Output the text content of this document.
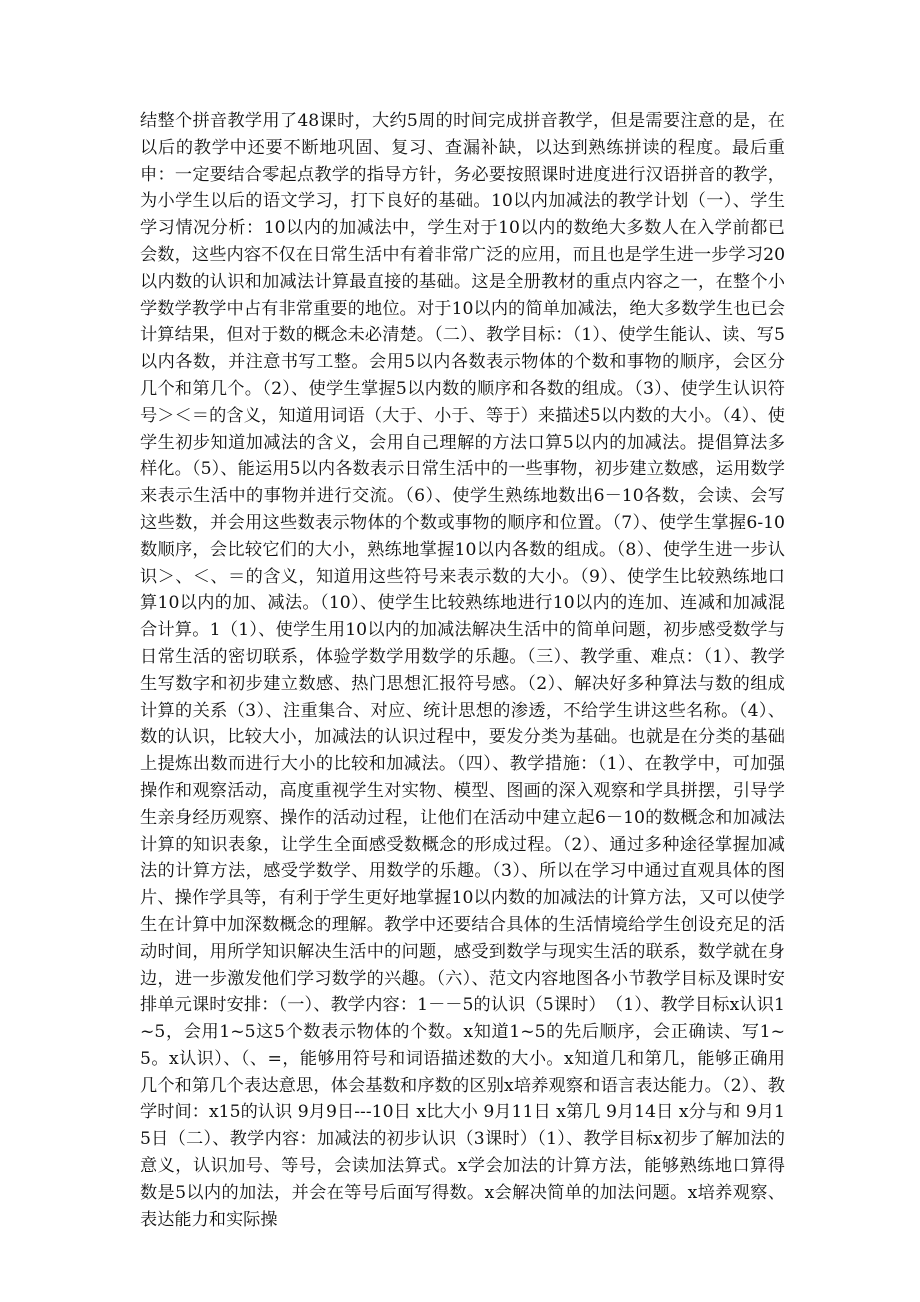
结整个拼音教学用了48课时，大约5周的时间完成拼音教学，但是需要注意的是，在以后的教学中还要不断地巩固、复习、查漏补缺，以达到熟练拼读的程度。最后重申：一定要结合零起点教学的指导方针，务必要按照课时进度进行汉语拼音的教学，为小学生以后的语文学习，打下良好的基础。10以内加减法的教学计划（一）、学生学习情况分析：10以内的加减法中，学生对于10以内的数绝大多数人在入学前都已会数，这些内容不仅在日常生活中有着非常广泛的应用，而且也是学生进一步学习20以内数的认识和加减法计算最直接的基础。这是全册教材的重点内容之一，在整个小学数学教学中占有非常重要的地位。对于10以内的简单加减法，绝大多数学生也已会计算结果，但对于数的概念未必清楚。（二）、教学目标：（1）、使学生能认、读、写5以内各数，并注意书写工整。会用5以内各数表示物体的个数和事物的顺序，会区分几个和第几个。（2）、使学生掌握5以内数的顺序和各数的组成。（3）、使学生认识符号＞＜＝的含义，知道用词语（大于、小于、等于）来描述5以内数的大小。（4）、使学生初步知道加减法的含义，会用自己理解的方法口算5以内的加减法。提倡算法多样化。（5）、能运用5以内各数表示日常生活中的一些事物，初步建立数感，运用数学来表示生活中的事物并进行交流。（6）、使学生熟练地数出6－10各数，会读、会写这些数，并会用这些数表示物体的个数或事物的顺序和位置。（7）、使学生掌握6-10数顺序，会比较它们的大小，熟练地掌握10以内各数的组成。（8）、使学生进一步认识＞、＜、＝的含义，知道用这些符号来表示数的大小。（9）、使学生比较熟练地口算10以内的加、减法。（10）、使学生比较熟练地进行10以内的连加、连减和加减混合计算。1（1）、使学生用10以内的加减法解决生活中的简单问题，初步感受数学与日常生活的密切联系，体验学数学用数学的乐趣。（三）、教学重、难点：（1）、教学生写数字和初步建立数感、热门思想汇报符号感。（2）、解决好多种算法与数的组成计算的关系（3）、注重集合、对应、统计思想的渗透，不给学生讲这些名称。（4）、数的认识，比较大小，加减法的认识过程中，要发分类为基础。也就是在分类的基础上提炼出数而进行大小的比较和加减法。（四）、教学措施：（1）、在教学中，可加强操作和观察活动，高度重视学生对实物、模型、图画的深入观察和学具拼摆，引导学生亲身经历观察、操作的活动过程，让他们在活动中建立起6－10的数概念和加减法计算的知识表象，让学生全面感受数概念的形成过程。（2）、通过多种途径掌握加减法的计算方法，感受学数学、用数学的乐趣。（3）、所以在学习中通过直观具体的图片、操作学具等，有利于学生更好地掌握10以内数的加减法的计算方法，又可以使学生在计算中加深数概念的理解。教学中还要结合具体的生活情境给学生创设充足的活动时间，用所学知识解决生活中的问题，感受到数学与现实生活的联系，数学就在身边，进一步激发他们学习数学的兴趣。（六）、范文内容地图各小节教学目标及课时安排单元课时安排：（一）、教学内容：1－－5的认识（5课时）　（1）、教学目标x认识1~5，会用1~5这5个数表示物体的个数。x知道1~5的先后顺序，会正确读、写1~5。x认识）、（、=，能够用符号和词语描述数的大小。x知道几和第几，能够正确用几个和第几个表达意思，体会基数和序数的区别x培养观察和语言表达能力。（2）、教学时间：x15的认识 9月9日---10日 x比大小 9月11日 x第几 9月14日 x分与和 9月15日（二）、教学内容：加减法的初步认识（3课时）（1）、教学目标x初步了解加法的意义，认识加号、等号，会读加法算式。x学会加法的计算方法，能够熟练地口算得数是5以内的加法，并会在等号后面写得数。x会解决简单的加法问题。x培养观察、表达能力和实际操
